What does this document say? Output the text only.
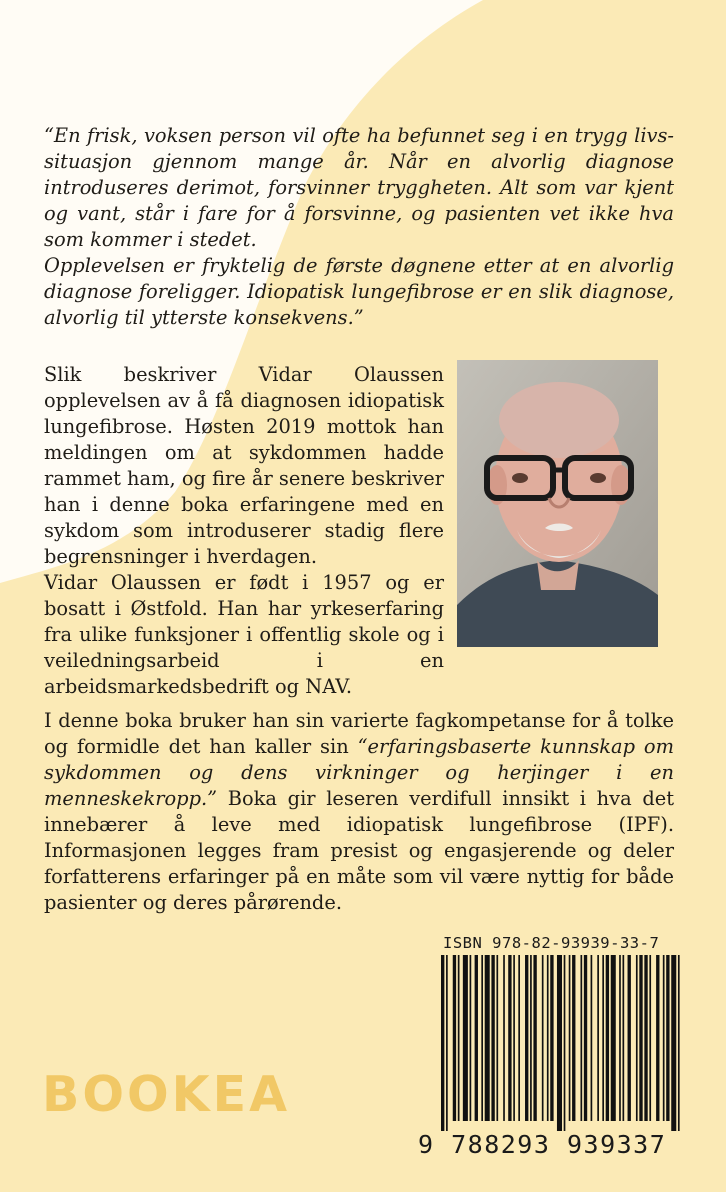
“En frisk, voksen person vil ofte ha befunnet seg i en trygg livs-situasjon gjennom mange år. Når en alvorlig diagnose introduseres derimot, forsvinner tryggheten. Alt som var kjent og vant, står i fare for å forsvinne, og pasienten vet ikke hva som kommer i stedet.

Opplevelsen er fryktelig de første døgnene etter at en alvorlig diagnose foreligger. Idiopatisk lungefibrose er en slik diagnose, alvorlig til ytterste konsekvens.”

Slik beskriver Vidar Olaussen opplevelsen av å få diagnosen idiopatisk lungefibrose. Høsten 2019 mottok han meldingen om at sykdommen hadde rammet ham, og fire år senere beskriver han i denne boka erfaringene med en sykdom som introduserer stadig flere begrensninger i hverdagen.

Vidar Olaussen er født i 1957 og er bosatt i Østfold. Han har yrkeserfaring fra ulike funksjoner i offentlig skole og i veiledningsarbeid i en arbeidsmarkedsbedrift og NAV.

I denne boka bruker han sin varierte fagkompetanse for å tolke og formidle det han kaller sin “erfaringsbaserte kunnskap om sykdommen og dens virkninger og herjinger i en menneskekropp.” Boka gir leseren verdifull innsikt i hva det innebærer å leve med idiopatisk lungefibrose (IPF). Informasjonen legges fram presist og engasjerende og deler forfatterens erfaringer på en måte som vil være nyttig for både pasienter og deres pårørende.
ISBN 978-82-93939-33-7
9 788293 939337
BOOKEA
